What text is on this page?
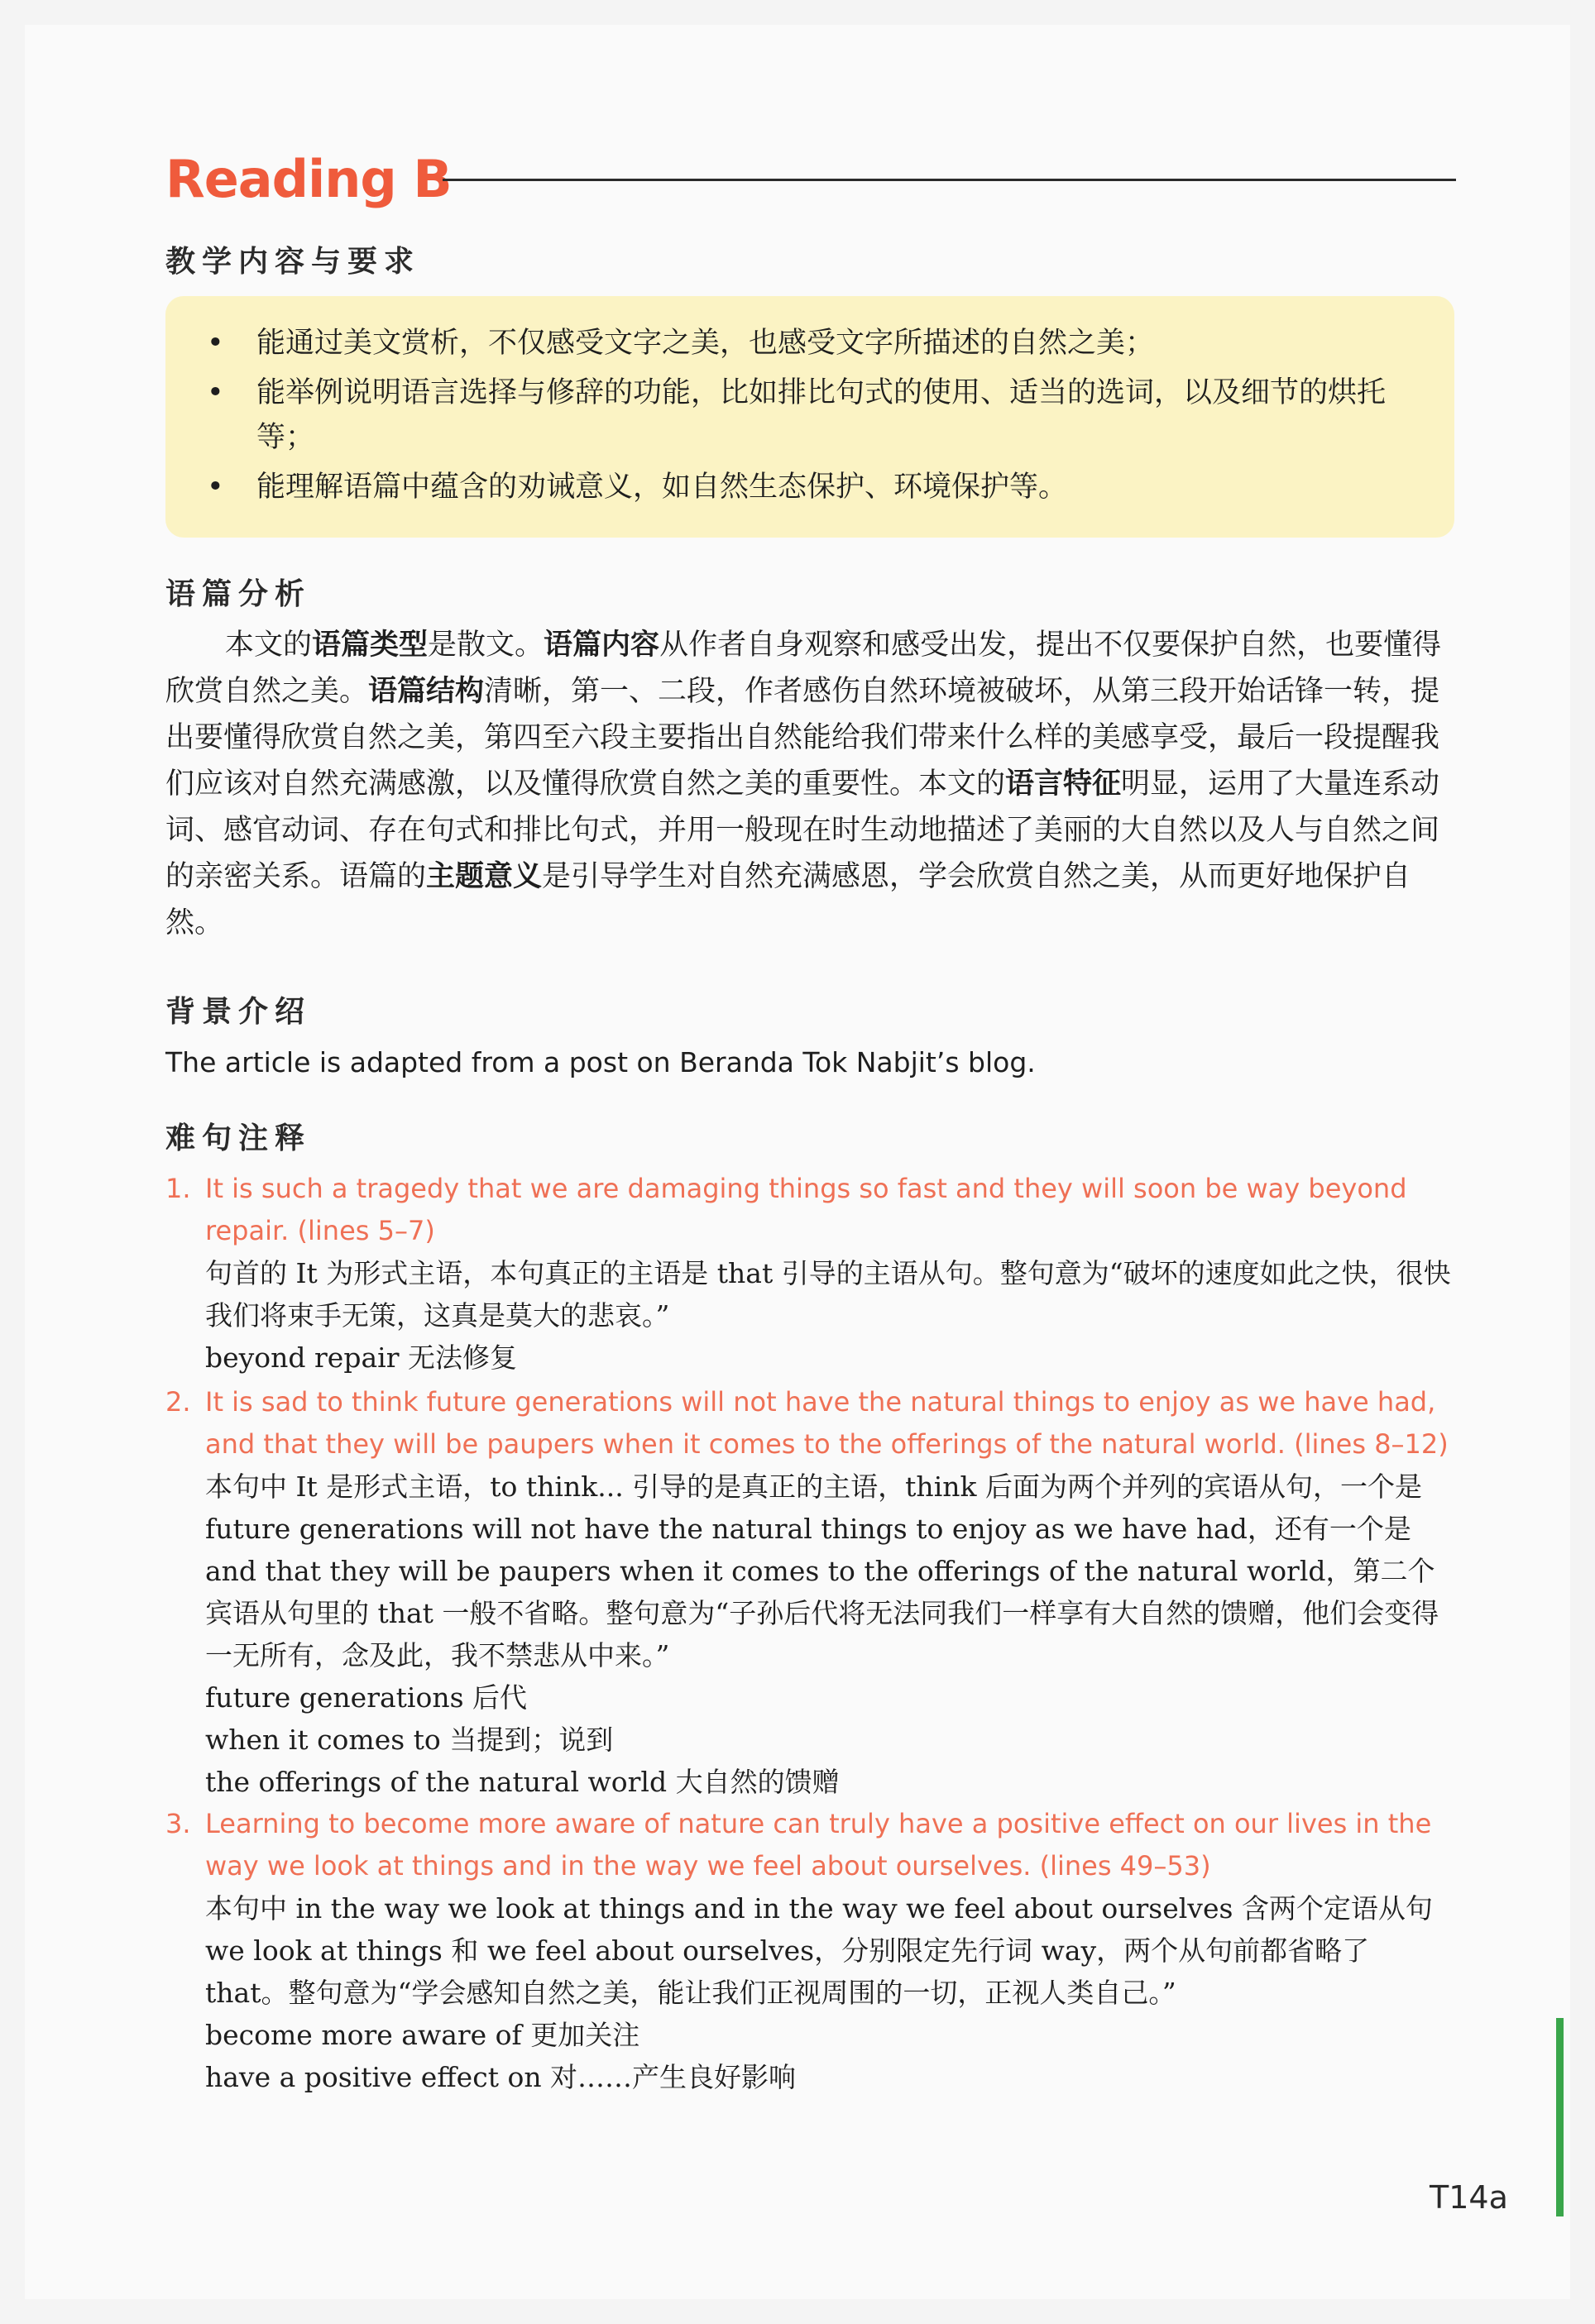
Reading B
教学内容与要求
• 能通过美文赏析，不仅感受文字之美，也感受文字所描述的自然之美；
• 能举例说明语言选择与修辞的功能，比如排比句式的使用、适当的选词，以及细节的烘托等；
• 能理解语篇中蕴含的劝诫意义，如自然生态保护、环境保护等。
语篇分析

本文的语篇类型是散文。语篇内容从作者自身观察和感受出发，提出不仅要保护自然，也要懂得欣赏自然之美。语篇结构清晰，第一、二段，作者感伤自然环境被破坏，从第三段开始话锋一转，提出要懂得欣赏自然之美，第四至六段主要指出自然能给我们带来什么样的美感享受，最后一段提醒我们应该对自然充满感激，以及懂得欣赏自然之美的重要性。本文的语言特征明显，运用了大量连系动词、感官动词、存在句式和排比句式，并用一般现在时生动地描述了美丽的大自然以及人与自然之间的亲密关系。语篇的主题意义是引导学生对自然充满感恩，学会欣赏自然之美，从而更好地保护自然。

背景介绍
The article is adapted from a post on Beranda Tok Nabjit’s blog.
难句注释
1. It is such a tragedy that we are damaging things so fast and they will soon be way beyond repair. (lines 5–7)
句首的 It 为形式主语，本句真正的主语是 that 引导的主语从句。整句意为“破坏的速度如此之快，很快我们将束手无策，这真是莫大的悲哀。”
beyond repair 无法修复
2. It is sad to think future generations will not have the natural things to enjoy as we have had, and that they will be paupers when it comes to the offerings of the natural world. (lines 8–12)
本句中 It 是形式主语，to think... 引导的是真正的主语，think 后面为两个并列的宾语从句，一个是 future generations will not have the natural things to enjoy as we have had，还有一个是 and that they will be paupers when it comes to the offerings of the natural world，第二个宾语从句里的 that 一般不省略。整句意为“子孙后代将无法同我们一样享有大自然的馈赠，他们会变得一无所有，念及此，我不禁悲从中来。”
future generations 后代
when it comes to 当提到；说到
the offerings of the natural world 大自然的馈赠
3. Learning to become more aware of nature can truly have a positive effect on our lives in the way we look at things and in the way we feel about ourselves. (lines 49–53)
本句中 in the way we look at things and in the way we feel about ourselves 含两个定语从句 we look at things 和 we feel about ourselves，分别限定先行词 way，两个从句前都省略了 that。整句意为“学会感知自然之美，能让我们正视周围的一切，正视人类自己。”
become more aware of 更加关注
have a positive effect on 对……产生良好影响
T14a
